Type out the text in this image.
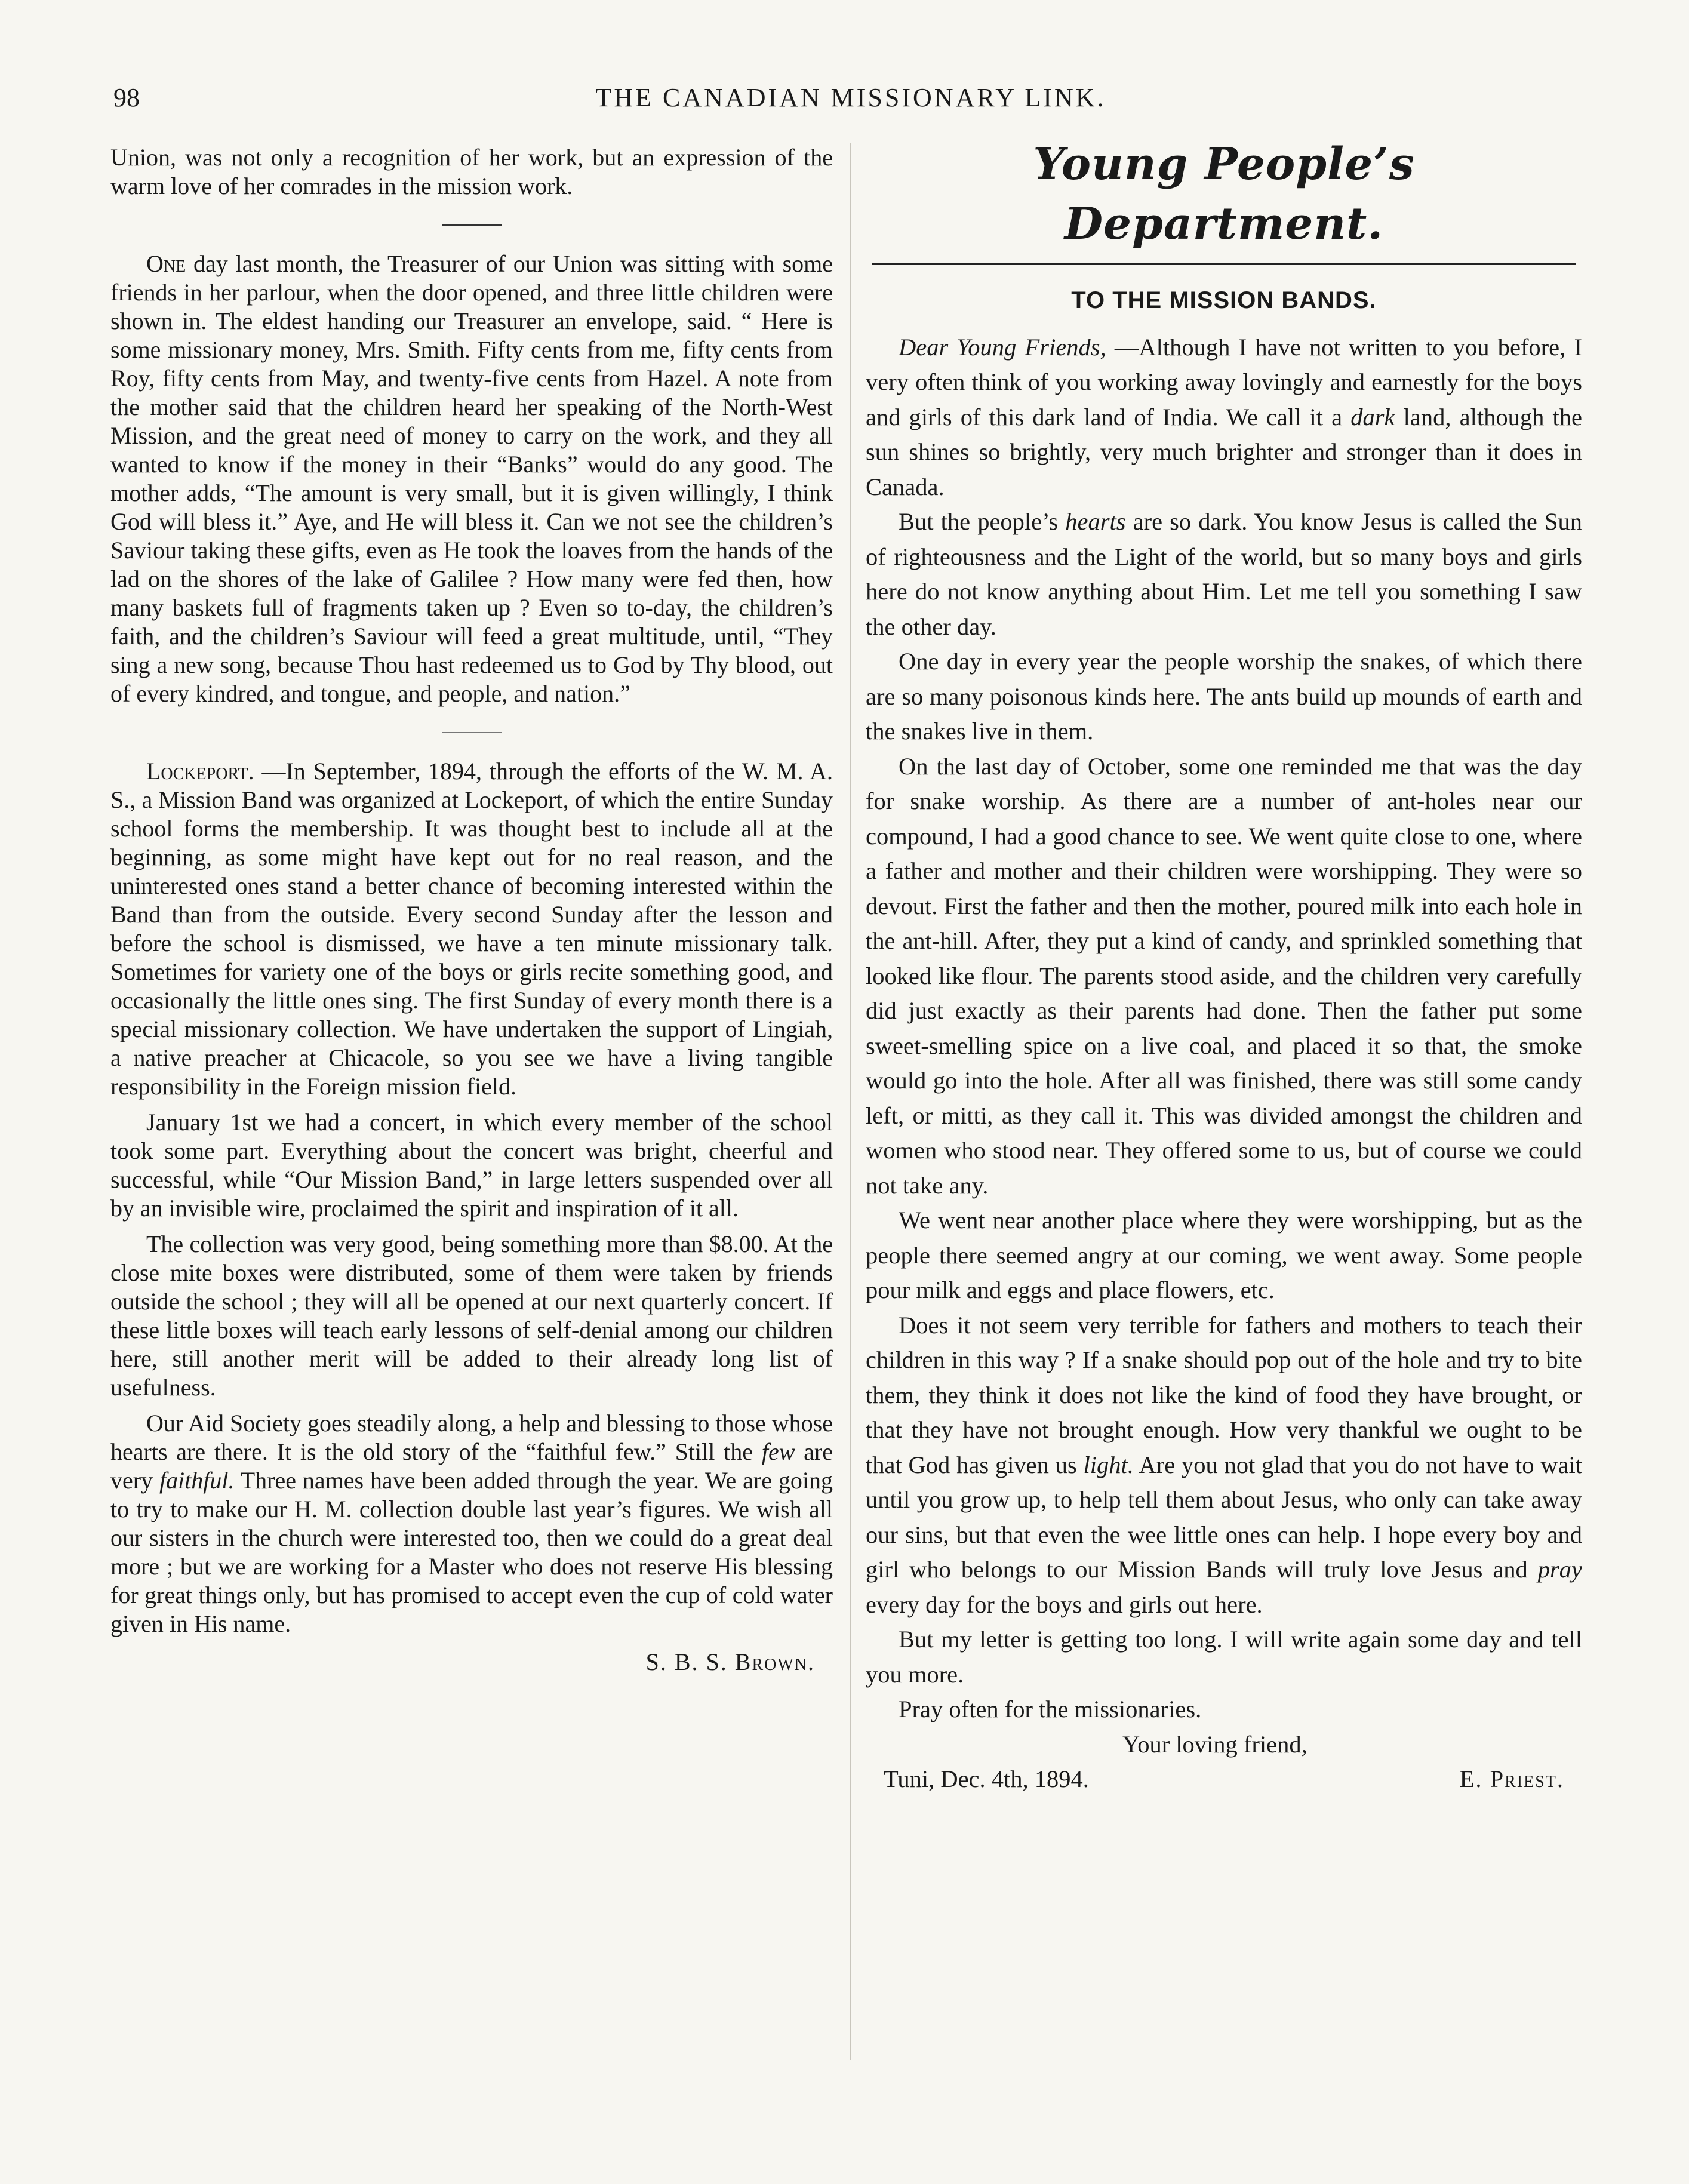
98	THE CANADIAN MISSIONARY LINK.

Union, was not only a recognition of her work, but an expression of the warm love of her comrades in the mission work.

One day last month, the Treasurer of our Union was sitting with some friends in her parlour, when the door opened, and three little children were shown in. The eldest handing our Treasurer an envelope, said. “ Here is some missionary money, Mrs. Smith. Fifty cents from me, fifty cents from Roy, fifty cents from May, and twenty-five cents from Hazel. A note from the mother said that the children heard her speaking of the North-West Mission, and the great need of money to carry on the work, and they all wanted to know if the money in their “Banks” would do any good. The mother adds, “The amount is very small, but it is given willingly, I think God will bless it.” Aye, and He will bless it. Can we not see the children’s Saviour taking these gifts, even as He took the loaves from the hands of the lad on the shores of the lake of Galilee ? How many were fed then, how many baskets full of fragments taken up ? Even so to-day, the children’s faith, and the children’s Saviour will feed a great multitude, until, “They sing a new song, because Thou hast redeemed us to God by Thy blood, out of every kindred, and tongue, and people, and nation.”

Lockeport. —In September, 1894, through the efforts of the W. M. A. S., a Mission Band was organized at Lockeport, of which the entire Sunday school forms the membership. It was thought best to include all at the beginning, as some might have kept out for no real reason, and the uninterested ones stand a better chance of becoming interested within the Band than from the outside. Every second Sunday after the lesson and before the school is dismissed, we have a ten minute missionary talk. Sometimes for variety one of the boys or girls recite something good, and occasionally the little ones sing. The first Sunday of every month there is a special missionary collection. We have undertaken the support of Lingiah, a native preacher at Chicacole, so you see we have a living tangible responsibility in the Foreign mission field.

January 1st we had a concert, in which every member of the school took some part. Everything about the concert was bright, cheerful and successful, while “Our Mission Band,” in large letters suspended over all by an invisible wire, proclaimed the spirit and inspiration of it all.

The collection was very good, being something more than $8.00. At the close mite boxes were distributed, some of them were taken by friends outside the school ; they will all be opened at our next quarterly concert. If these little boxes will teach early lessons of self-denial among our children here, still another merit will be added to their already long list of usefulness.

Our Aid Society goes steadily along, a help and blessing to those whose hearts are there. It is the old story of the “faithful few.” Still the few are very faithful. Three names have been added through the year. We are going to try to make our H. M. collection double last year’s figures. We wish all our sisters in the church were interested too, then we could do a great deal more ; but we are working for a Master who does not reserve His blessing for great things only, but has promised to accept even the cup of cold water given in His name.

S. B. S. Brown.

Young People’s Department.
TO THE MISSION BANDS.

Dear Young Friends, —Although I have not written to you before, I very often think of you working away lovingly and earnestly for the boys and girls of this dark land of India. We call it a dark land, although the sun shines so brightly, very much brighter and stronger than it does in Canada.

But the people’s hearts are so dark. You know Jesus is called the Sun of righteousness and the Light of the world, but so many boys and girls here do not know anything about Him. Let me tell you something I saw the other day.

One day in every year the people worship the snakes, of which there are so many poisonous kinds here. The ants build up mounds of earth and the snakes live in them.

On the last day of October, some one reminded me that was the day for snake worship. As there are a number of ant-holes near our compound, I had a good chance to see. We went quite close to one, where a father and mother and their children were worshipping. They were so devout. First the father and then the mother, poured milk into each hole in the ant-hill. After, they put a kind of candy, and sprinkled something that looked like flour. The parents stood aside, and the children very carefully did just exactly as their parents had done. Then the father put some sweet-smelling spice on a live coal, and placed it so that, the smoke would go into the hole. After all was finished, there was still some candy left, or mitti, as they call it. This was divided amongst the children and women who stood near. They offered some to us, but of course we could not take any.

We went near another place where they were worshipping, but as the people there seemed angry at our coming, we went away. Some people pour milk and eggs and place flowers, etc.

Does it not seem very terrible for fathers and mothers to teach their children in this way ? If a snake should pop out of the hole and try to bite them, they think it does not like the kind of food they have brought, or that they have not brought enough. How very thankful we ought to be that God has given us light. Are you not glad that you do not have to wait until you grow up, to help tell them about Jesus, who only can take away our sins, but that even the wee little ones can help. I hope every boy and girl who belongs to our Mission Bands will truly love Jesus and pray every day for the boys and girls out here.

But my letter is getting too long. I will write again some day and tell you more.

Pray often for the missionaries.

Your loving friend,

Tuni, Dec. 4th, 1894.	E. Priest.
